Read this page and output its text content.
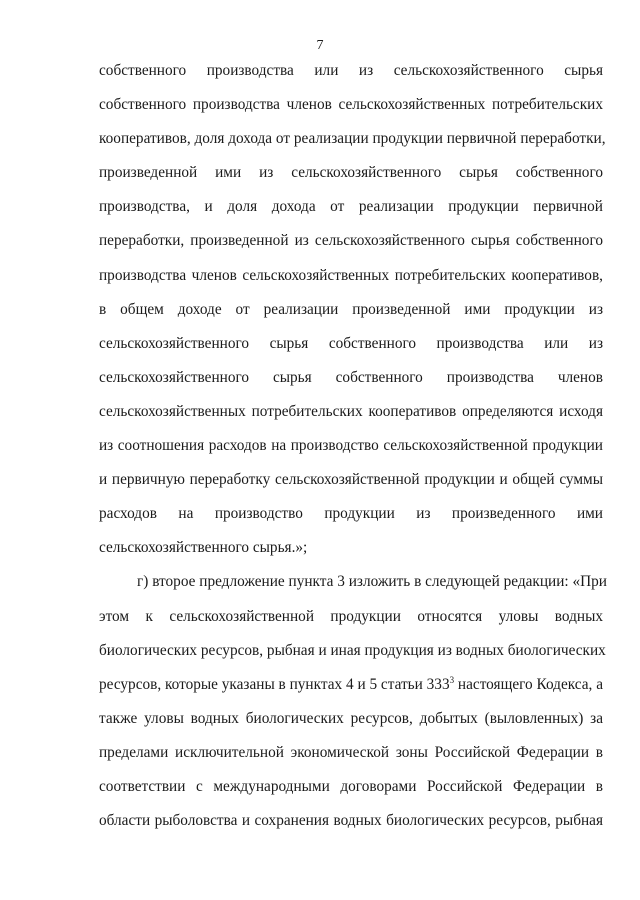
7
собственного производства или из сельскохозяйственного сырья
собственного производства членов сельскохозяйственных потребительских
кооперативов, доля дохода от реализации продукции первичной переработки,
произведенной ими из сельскохозяйственного сырья собственного
производства, и доля дохода от реализации продукции первичной
переработки, произведенной из сельскохозяйственного сырья собственного
производства членов сельскохозяйственных потребительских кооперативов,
в общем доходе от реализации произведенной ими продукции из
сельскохозяйственного сырья собственного производства или из
сельскохозяйственного сырья собственного производства членов
сельскохозяйственных потребительских кооперативов определяются исходя
из соотношения расходов на производство сельскохозяйственной продукции
и первичную переработку сельскохозяйственной продукции и общей суммы
расходов на производство продукции из произведенного ими
сельскохозяйственного сырья.»;
г) второе предложение пункта 3 изложить в следующей редакции: «При
этом к сельскохозяйственной продукции относятся уловы водных
биологических ресурсов, рыбная и иная продукция из водных биологических
ресурсов, которые указаны в пунктах 4 и 5 статьи $333^3$ настоящего Кодекса, а
также уловы водных биологических ресурсов, добытых (выловленных) за
пределами исключительной экономической зоны Российской Федерации в
соответствии с международными договорами Российской Федерации в
области рыболовства и сохранения водных биологических ресурсов, рыбная
